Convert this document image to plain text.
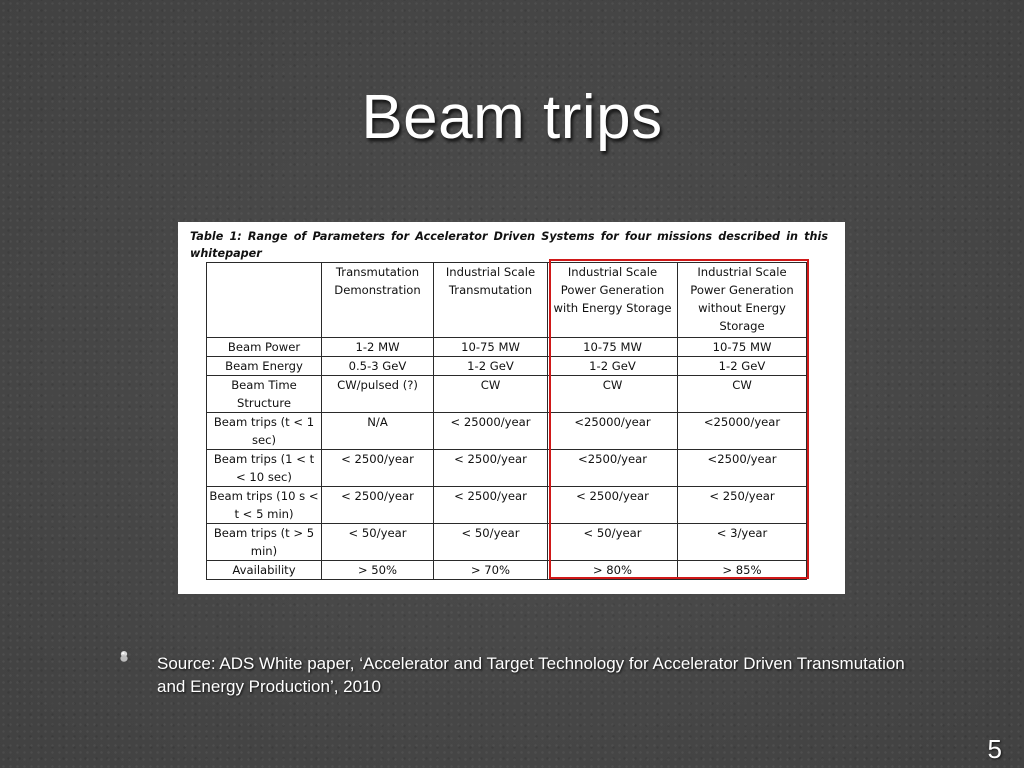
Beam trips
Table 1: Range of Parameters for Accelerator Driven Systems for four missions described in this
whitepaper
	Transmutation Demonstration	Industrial Scale Transmutation	Industrial Scale Power Generation with Energy Storage	Industrial Scale Power Generation without Energy Storage
Beam Power	1-2 MW	10-75 MW	10-75 MW	10-75 MW
Beam Energy	0.5-3 GeV	1-2 GeV	1-2 GeV	1-2 GeV
Beam Time Structure	CW/pulsed (?)	CW	CW	CW
Beam trips (t < 1 sec)	N/A	< 25000/year	<25000/year	<25000/year
Beam trips (1 < t < 10 sec)	< 2500/year	< 2500/year	<2500/year	<2500/year
Beam trips (10 s < t < 5 min)	< 2500/year	< 2500/year	< 2500/year	< 250/year
Beam trips (t > 5 min)	< 50/year	< 50/year	< 50/year	< 3/year
Availability	> 50%	> 70%	> 80%	> 85%
Source: ADS White paper, ‘Accelerator and Target Technology for Accelerator Driven Transmutation and Energy Production’, 2010
5
